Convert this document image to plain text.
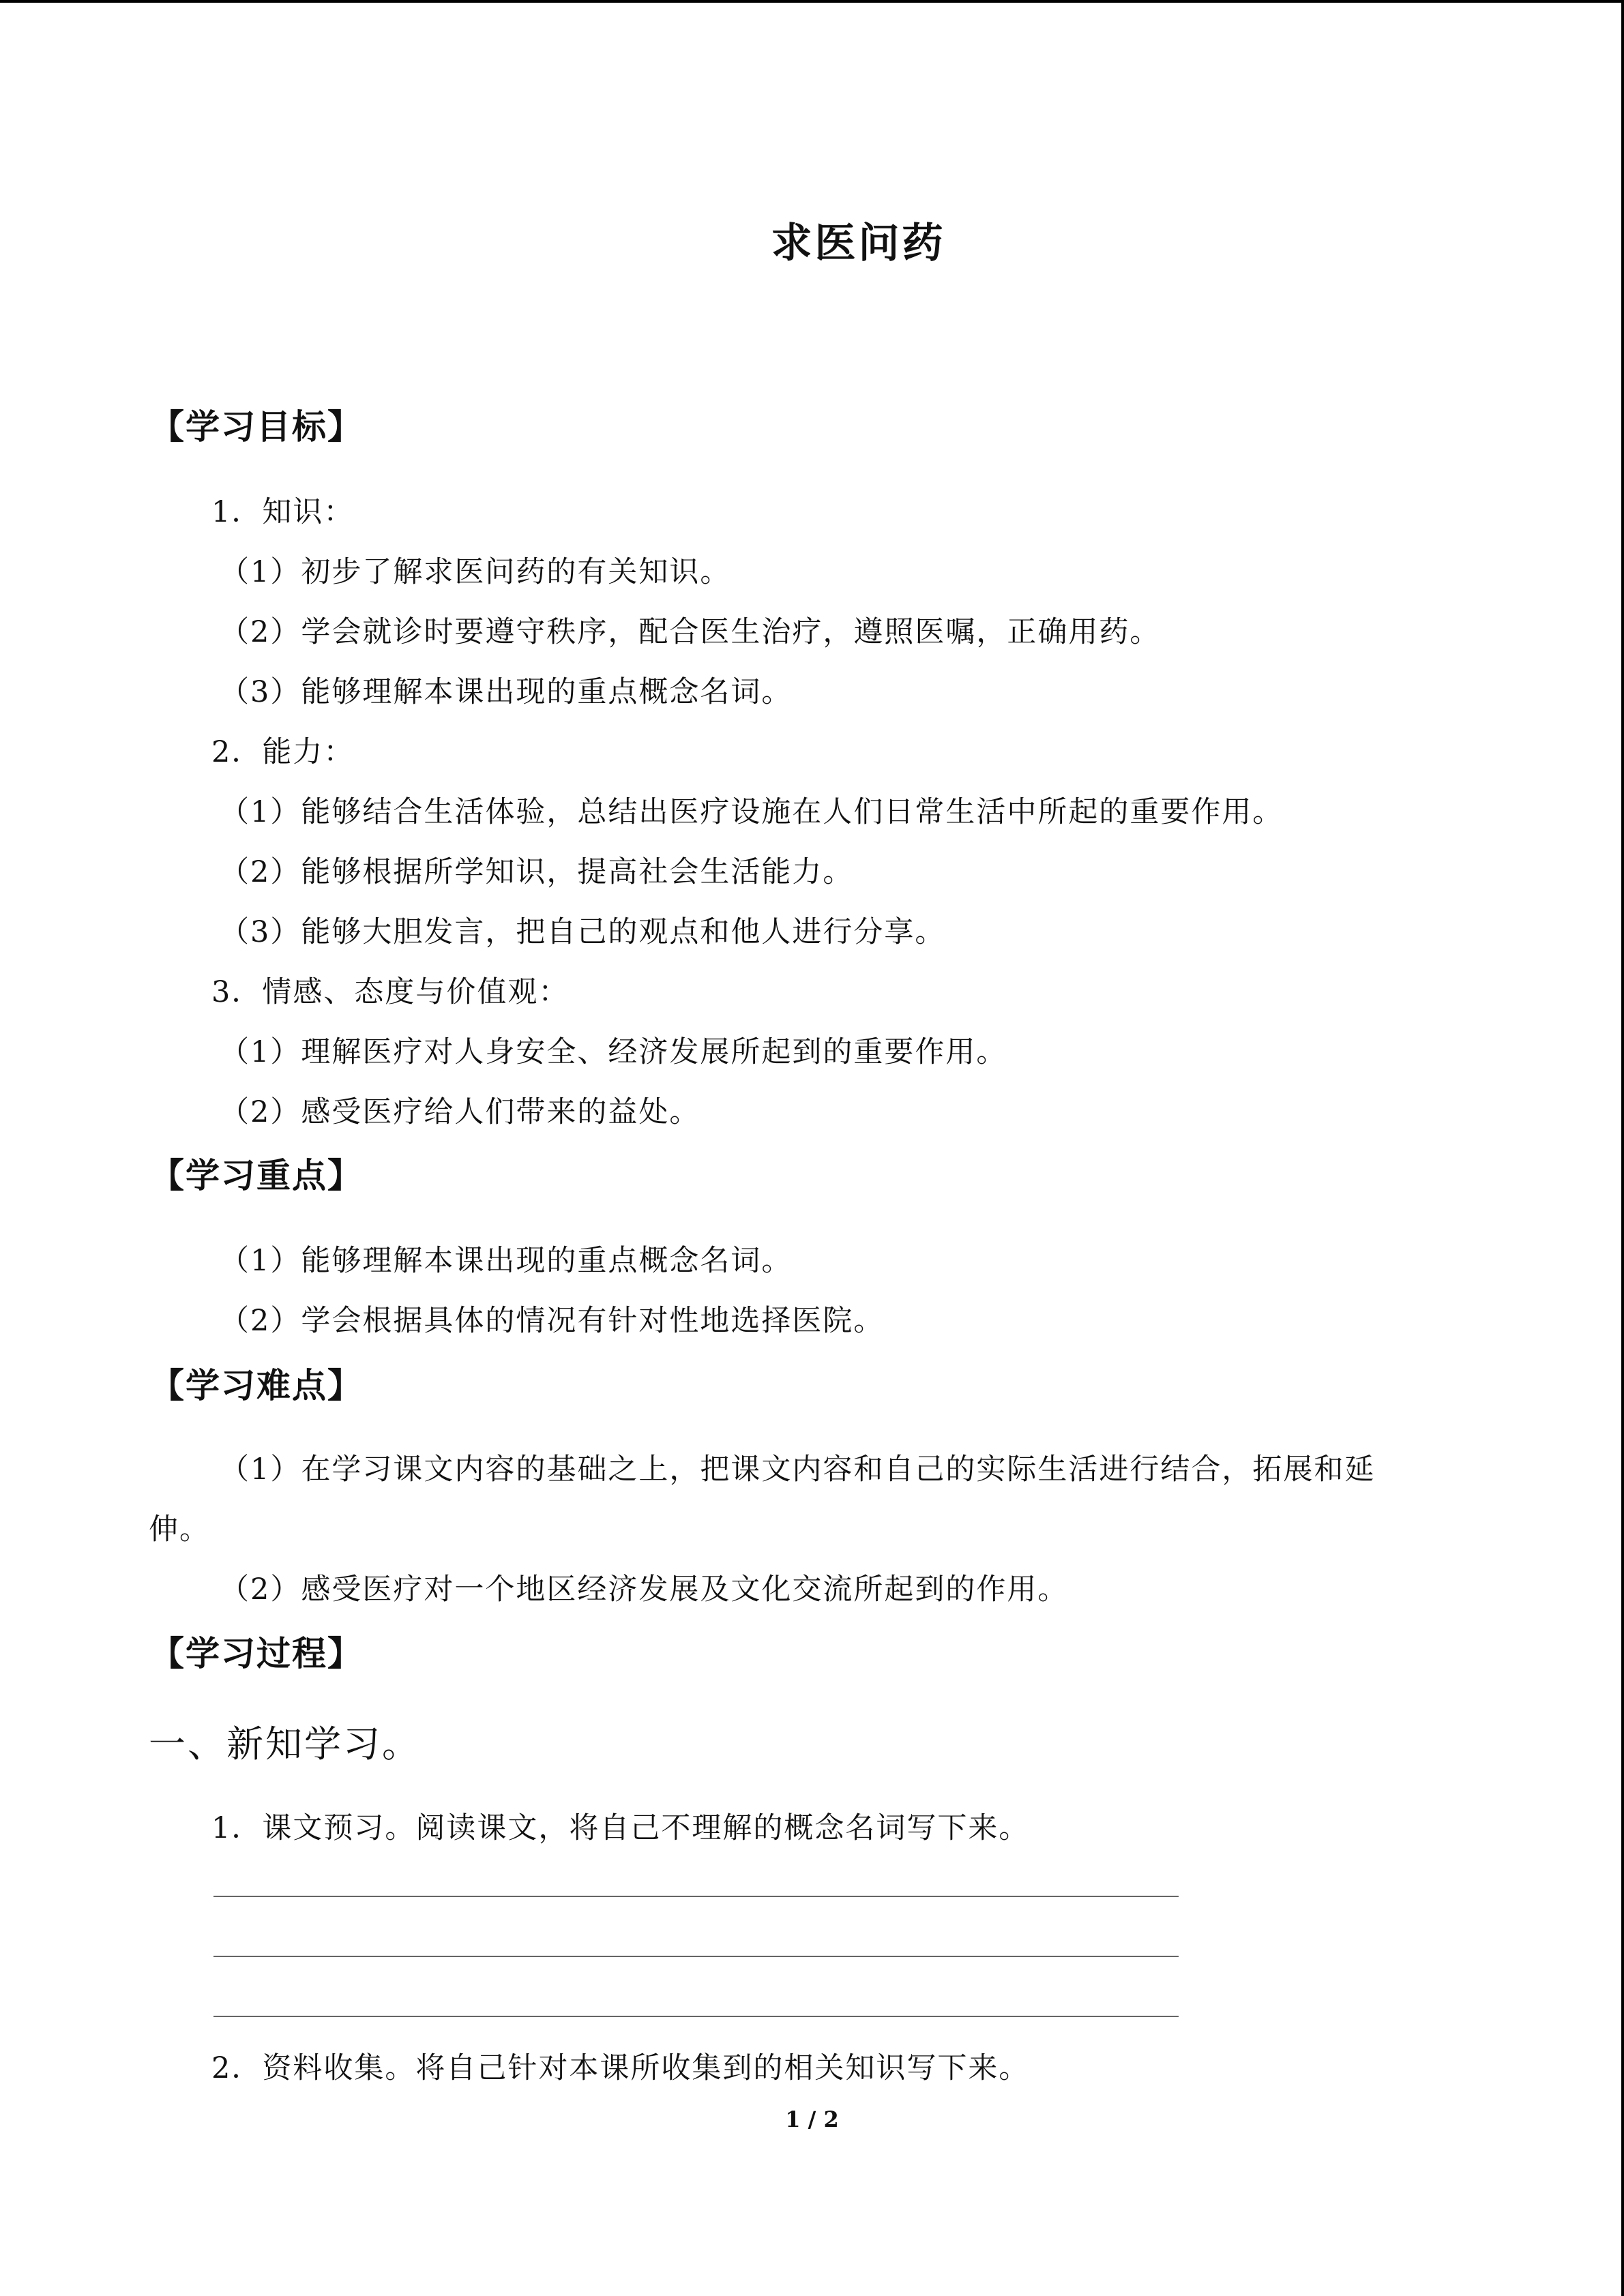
求医问药
【学习目标】
1．知识：
（1）初步了解求医问药的有关知识。
（2）学会就诊时要遵守秩序，配合医生治疗，遵照医嘱，正确用药。
（3）能够理解本课出现的重点概念名词。
2．能力：
（1）能够结合生活体验，总结出医疗设施在人们日常生活中所起的重要作用。
（2）能够根据所学知识，提高社会生活能力。
（3）能够大胆发言，把自己的观点和他人进行分享。
3．情感、态度与价值观：
（1）理解医疗对人身安全、经济发展所起到的重要作用。
（2）感受医疗给人们带来的益处。
【学习重点】
（1）能够理解本课出现的重点概念名词。
（2）学会根据具体的情况有针对性地选择医院。
【学习难点】
（1）在学习课文内容的基础之上，把课文内容和自己的实际生活进行结合，拓展和延
伸。
（2）感受医疗对一个地区经济发展及文化交流所起到的作用。
【学习过程】
一、新知学习。
1．课文预习。阅读课文，将自己不理解的概念名词写下来。
2．资料收集。将自己针对本课所收集到的相关知识写下来。
1 / 2
